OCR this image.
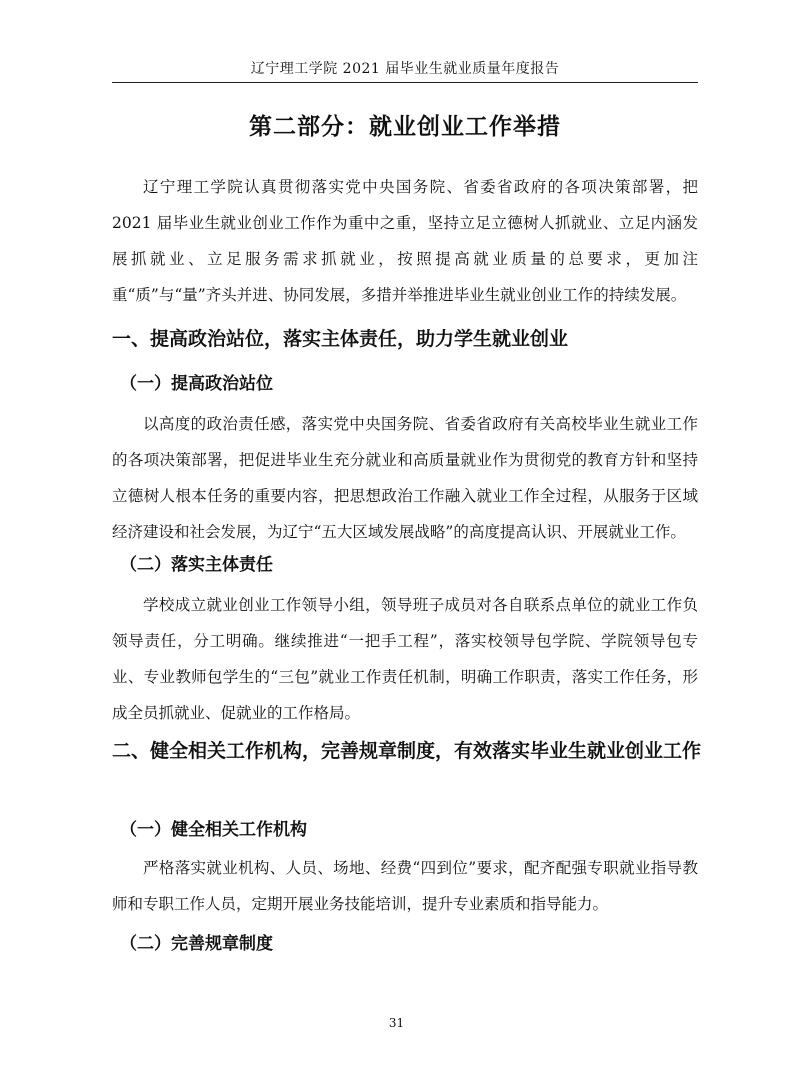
辽宁理工学院 2021 届毕业生就业质量年度报告
第二部分：就业创业工作举措

辽宁理工学院认真贯彻落实党中央国务院、省委省政府的各项决策部署，把 2021 届毕业生就业创业工作作为重中之重，坚持立足立德树人抓就业、立足内涵发展抓就业、立足服务需求抓就业，按照提高就业质量的总要求，更加注重“质”与“量”齐头并进、协同发展，多措并举推进毕业生就业创业工作的持续发展。

一、提高政治站位，落实主体责任，助力学生就业创业
（一）提高政治站位

以高度的政治责任感，落实党中央国务院、省委省政府有关高校毕业生就业工作的各项决策部署，把促进毕业生充分就业和高质量就业作为贯彻党的教育方针和坚持立德树人根本任务的重要内容，把思想政治工作融入就业工作全过程，从服务于区域经济建设和社会发展，为辽宁“五大区域发展战略”的高度提高认识、开展就业工作。

（二）落实主体责任

学校成立就业创业工作领导小组，领导班子成员对各自联系点单位的就业工作负领导责任，分工明确。继续推进“一把手工程”，落实校领导包学院、学院领导包专业、专业教师包学生的“三包”就业工作责任机制，明确工作职责，落实工作任务，形成全员抓就业、促就业的工作格局。

二、健全相关工作机构，完善规章制度，有效落实毕业生就业创业工作
（一）健全相关工作机构

严格落实就业机构、人员、场地、经费“四到位”要求，配齐配强专职就业指导教师和专职工作人员，定期开展业务技能培训，提升专业素质和指导能力。

（二）完善规章制度
31
